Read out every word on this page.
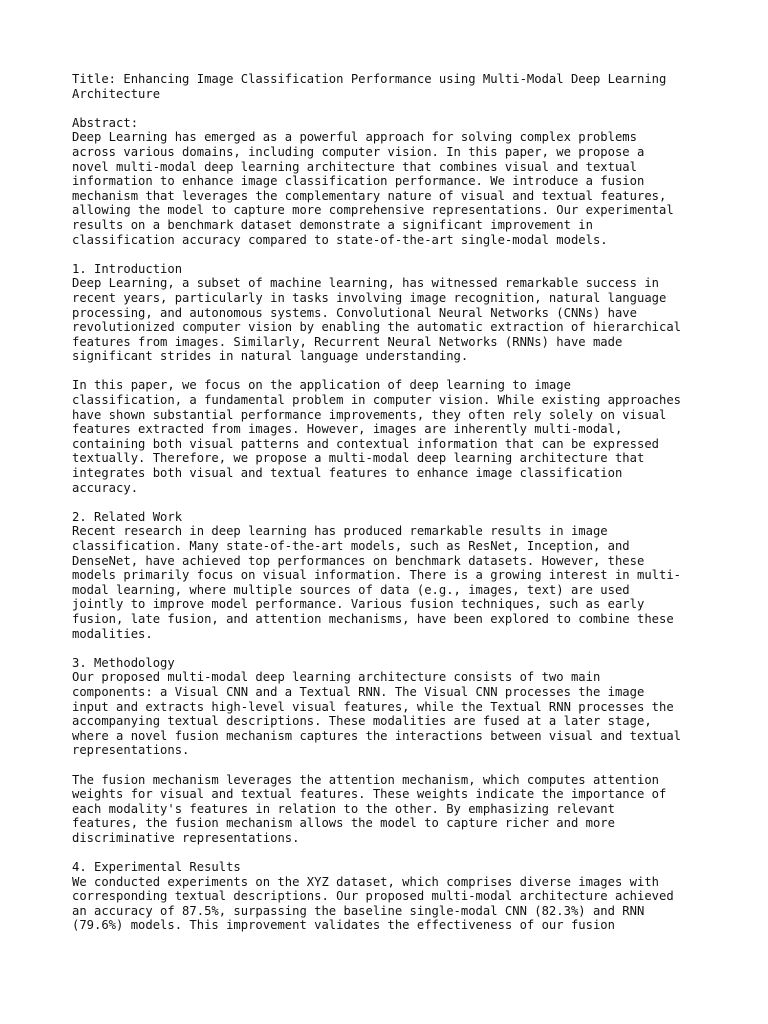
Title: Enhancing Image Classification Performance using Multi-Modal Deep Learning
Architecture
Abstract:
Deep Learning has emerged as a powerful approach for solving complex problems
across various domains, including computer vision. In this paper, we propose a
novel multi-modal deep learning architecture that combines visual and textual
information to enhance image classification performance. We introduce a fusion
mechanism that leverages the complementary nature of visual and textual features,
allowing the model to capture more comprehensive representations. Our experimental
results on a benchmark dataset demonstrate a significant improvement in
classification accuracy compared to state-of-the-art single-modal models.
1. Introduction
Deep Learning, a subset of machine learning, has witnessed remarkable success in
recent years, particularly in tasks involving image recognition, natural language
processing, and autonomous systems. Convolutional Neural Networks (CNNs) have
revolutionized computer vision by enabling the automatic extraction of hierarchical
features from images. Similarly, Recurrent Neural Networks (RNNs) have made
significant strides in natural language understanding.
In this paper, we focus on the application of deep learning to image
classification, a fundamental problem in computer vision. While existing approaches
have shown substantial performance improvements, they often rely solely on visual
features extracted from images. However, images are inherently multi-modal,
containing both visual patterns and contextual information that can be expressed
textually. Therefore, we propose a multi-modal deep learning architecture that
integrates both visual and textual features to enhance image classification
accuracy.
2. Related Work
Recent research in deep learning has produced remarkable results in image
classification. Many state-of-the-art models, such as ResNet, Inception, and
DenseNet, have achieved top performances on benchmark datasets. However, these
models primarily focus on visual information. There is a growing interest in multi-
modal learning, where multiple sources of data (e.g., images, text) are used
jointly to improve model performance. Various fusion techniques, such as early
fusion, late fusion, and attention mechanisms, have been explored to combine these
modalities.
3. Methodology
Our proposed multi-modal deep learning architecture consists of two main
components: a Visual CNN and a Textual RNN. The Visual CNN processes the image
input and extracts high-level visual features, while the Textual RNN processes the
accompanying textual descriptions. These modalities are fused at a later stage,
where a novel fusion mechanism captures the interactions between visual and textual
representations.
The fusion mechanism leverages the attention mechanism, which computes attention
weights for visual and textual features. These weights indicate the importance of
each modality's features in relation to the other. By emphasizing relevant
features, the fusion mechanism allows the model to capture richer and more
discriminative representations.
4. Experimental Results
We conducted experiments on the XYZ dataset, which comprises diverse images with
corresponding textual descriptions. Our proposed multi-modal architecture achieved
an accuracy of 87.5%, surpassing the baseline single-modal CNN (82.3%) and RNN
(79.6%) models. This improvement validates the effectiveness of our fusion
